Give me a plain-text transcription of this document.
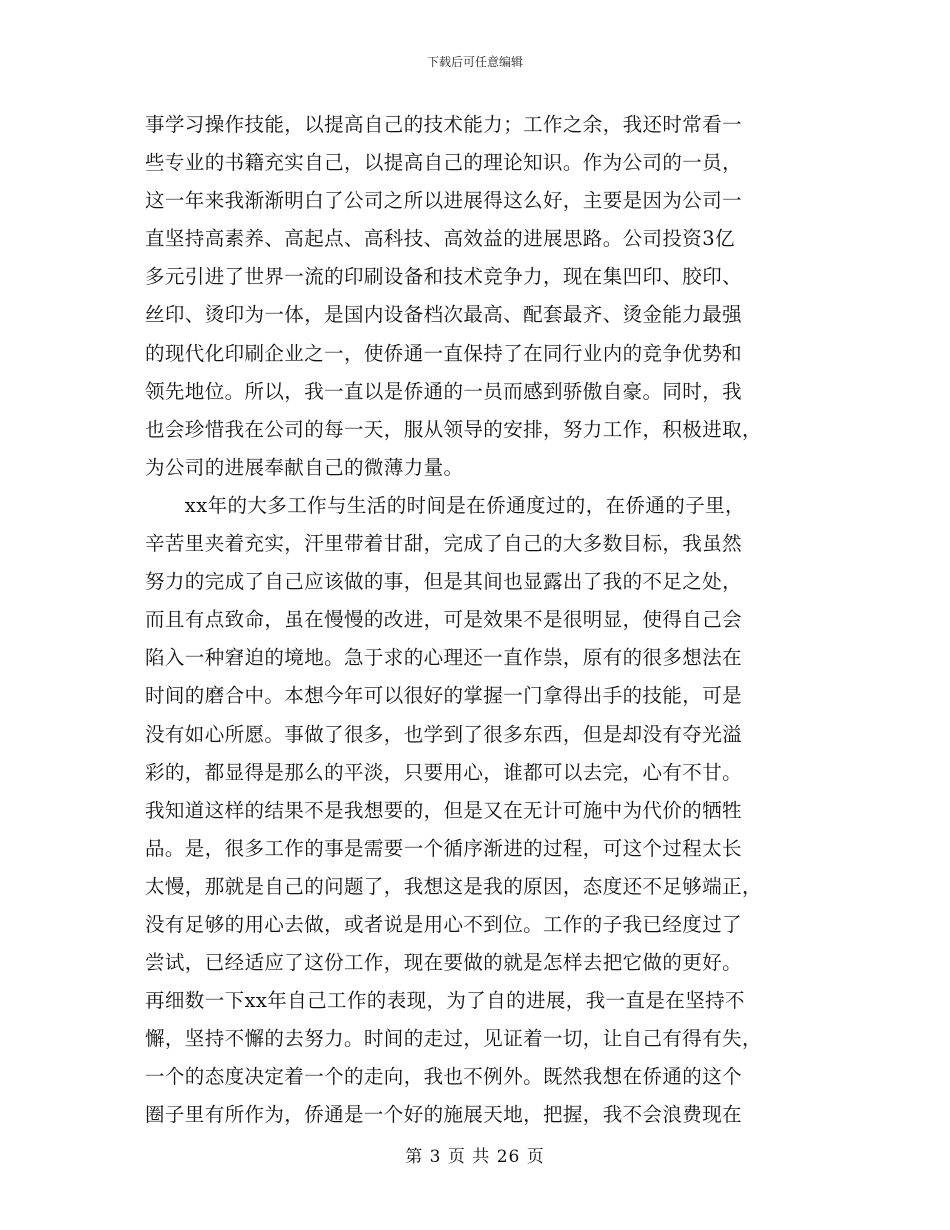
下载后可任意编辑
事学习操作技能，以提高自己的技术能力；工作之余，我还时常看一
些专业的书籍充实自己，以提高自己的理论知识。作为公司的一员，
这一年来我渐渐明白了公司之所以进展得这么好，主要是因为公司一
直坚持高素养、高起点、高科技、高效益的进展思路。公司投资3亿
多元引进了世界一流的印刷设备和技术竞争力，现在集凹印、胶印、
丝印、烫印为一体，是国内设备档次最高、配套最齐、烫金能力最强
的现代化印刷企业之一，使侨通一直保持了在同行业内的竞争优势和
领先地位。所以，我一直以是侨通的一员而感到骄傲自豪。同时，我
也会珍惜我在公司的每一天，服从领导的安排，努力工作，积极进取，
为公司的进展奉献自己的微薄力量。
　　xx年的大多工作与生活的时间是在侨通度过的，在侨通的子里，
辛苦里夹着充实，汗里带着甘甜，完成了自己的大多数目标，我虽然
努力的完成了自己应该做的事，但是其间也显露出了我的不足之处，
而且有点致命，虽在慢慢的改进，可是效果不是很明显，使得自己会
陷入一种窘迫的境地。急于求的心理还一直作祟，原有的很多想法在
时间的磨合中。本想今年可以很好的掌握一门拿得出手的技能，可是
没有如心所愿。事做了很多，也学到了很多东西，但是却没有夺光溢
彩的，都显得是那么的平淡，只要用心，谁都可以去完，心有不甘。
我知道这样的结果不是我想要的，但是又在无计可施中为代价的牺牲
品。是，很多工作的事是需要一个循序渐进的过程，可这个过程太长
太慢，那就是自己的问题了，我想这是我的原因，态度还不足够端正，
没有足够的用心去做，或者说是用心不到位。工作的子我已经度过了
尝试，已经适应了这份工作，现在要做的就是怎样去把它做的更好。
再细数一下xx年自己工作的表现，为了自的进展，我一直是在坚持不
懈，坚持不懈的去努力。时间的走过，见证着一切，让自己有得有失，
一个的态度决定着一个的走向，我也不例外。既然我想在侨通的这个
圈子里有所作为，侨通是一个好的施展天地，把握，我不会浪费现在
第 3 页 共 26 页
